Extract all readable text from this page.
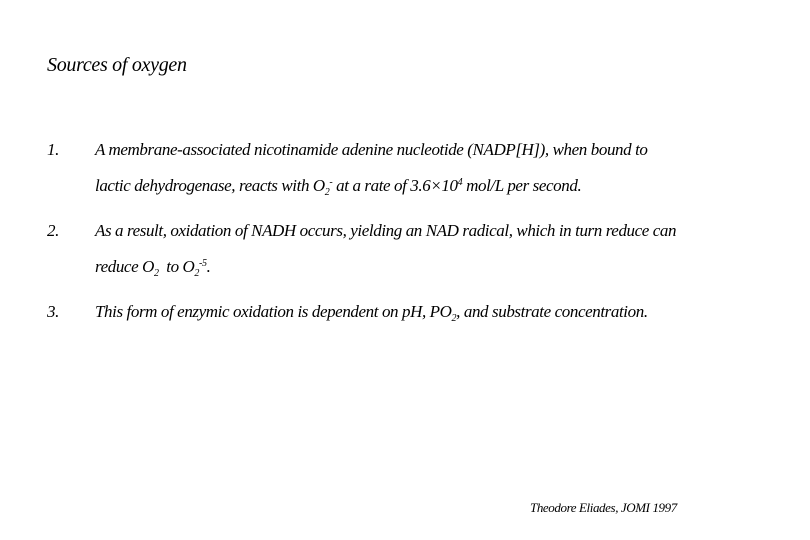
Sources of oxygen
1. A membrane-associated nicotinamide adenine nucleotide (NADP[H]), when bound to
lactic dehydrogenase, reacts with $O_2^-$ at a rate of $3.6\times 10^4$ mol/L per second.
2. As a result, oxidation of NADH occurs, yielding an NAD radical, which in turn reduce can
reduce $O_2$  to $O_2^{-5}$.
3. This form of enzymic oxidation is dependent on pH, $PO_2$, and substrate concentration.
Theodore Eliades, JOMI 1997
